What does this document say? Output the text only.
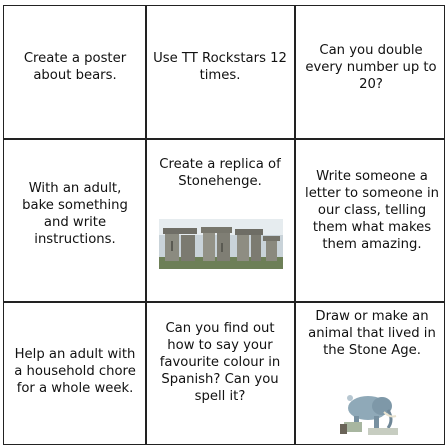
Create a poster about bears.

Use TT Rockstars 12 times.

Can you double every number up to 20?

With an adult, bake something and write instructions.

Create a replica of Stonehenge.	Write someone a letter to someone in our class, telling them what makes them amazing.

Help an adult with a household chore for a whole week.

Can you find out how to say your favourite colour in Spanish? Can you spell it?

Draw or make an animal that lived in the Stone Age.
